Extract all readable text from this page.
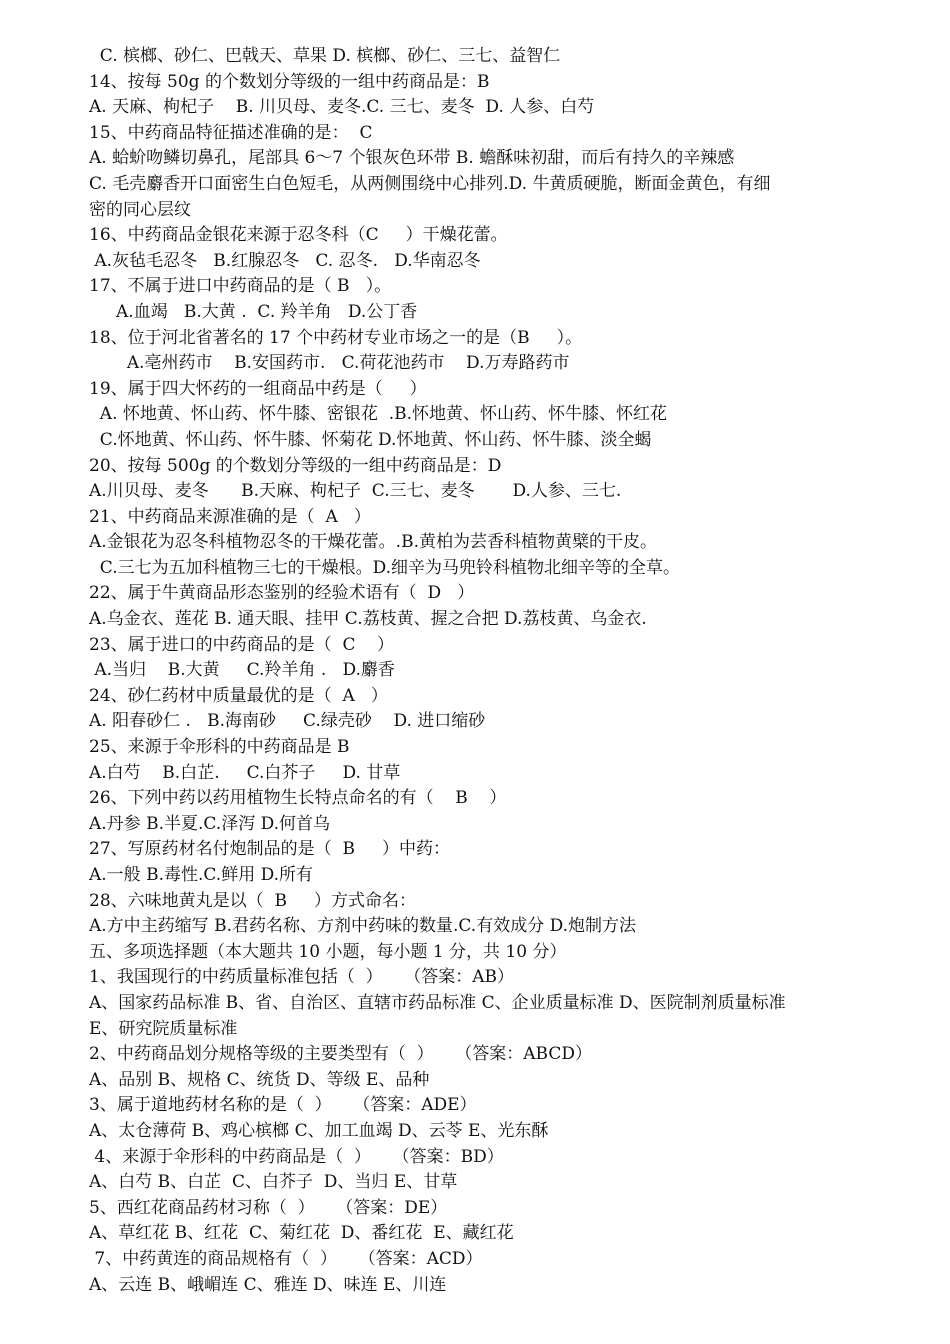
C. 槟榔、砂仁、巴戟天、草果 D. 槟榔、砂仁、三七、益智仁
14、按每 50g 的个数划分等级的一组中药商品是：B
A. 天麻、枸杞子    B. 川贝母、麦冬.C. 三七、麦冬  D. 人参、白芍
15、中药商品特征描述准确的是：  C
A. 蛤蚧吻鳞切鼻孔，尾部具 6～7 个银灰色环带 B. 蟾酥味初甜，而后有持久的辛辣感
C. 毛壳麝香开口面密生白色短毛，从两侧围绕中心排列.D. 牛黄质硬脆，断面金黄色，有细
密的同心层纹
16、中药商品金银花来源于忍冬科（C     ）干燥花蕾。
A.灰毡毛忍冬   B.红腺忍冬   C. 忍冬.   D.华南忍冬
17、不属于进口中药商品的是（ B   ）。
A.血竭   B.大黄 .  C. 羚羊角   D.公丁香
18、位于河北省著名的 17 个中药材专业市场之一的是（B     ）。
A.亳州药市    B.安国药市.   C.荷花池药市    D.万寿路药市
19、属于四大怀药的一组商品中药是（     ）
A. 怀地黄、怀山药、怀牛膝、密银花  .B.怀地黄、怀山药、怀牛膝、怀红花
C.怀地黄、怀山药、怀牛膝、怀菊花 D.怀地黄、怀山药、怀牛膝、淡全蝎
20、按每 500g 的个数划分等级的一组中药商品是：D
A.川贝母、麦冬      B.天麻、枸杞子  C.三七、麦冬       D.人参、三七.
21、中药商品来源准确的是（  A   ）
A.金银花为忍冬科植物忍冬的干燥花蕾。.B.黄柏为芸香科植物黄檗的干皮。
C.三七为五加科植物三七的干燥根。D.细辛为马兜铃科植物北细辛等的全草。
22、属于牛黄商品形态鉴别的经验术语有（  D   ）
A.乌金衣、莲花 B. 通天眼、挂甲 C.荔枝黄、握之合把 D.荔枝黄、乌金衣.
23、属于进口的中药商品的是（  C    ）
A.当归    B.大黄     C.羚羊角 .   D.麝香
24、砂仁药材中质量最优的是（  A   ）
A. 阳春砂仁 .   B.海南砂     C.绿壳砂    D. 进口缩砂
25、来源于伞形科的中药商品是 B
A.白芍    B.白芷.     C.白芥子     D. 甘草
26、下列中药以药用植物生长特点命名的有（    B    ）
A.丹参 B.半夏.C.泽泻 D.何首乌
27、写原药材名付炮制品的是（  B     ）中药：
A.一般 B.毒性.C.鲜用 D.所有
28、六味地黄丸是以（  B     ）方式命名：
A.方中主药缩写 B.君药名称、方剂中药味的数量.C.有效成分 D.炮制方法
五、多项选择题（本大题共 10 小题，每小题 1 分，共 10 分）
1、我国现行的中药质量标准包括（  ）    （答案：AB）
A、国家药品标准 B、省、自治区、直辖市药品标准 C、企业质量标准 D、医院制剂质量标准
E、研究院质量标准
2、中药商品划分规格等级的主要类型有（  ）    （答案：ABCD）
A、品别 B、规格 C、统货 D、等级 E、品种
3、属于道地药材名称的是（  ）    （答案：ADE）
A、太仓薄荷 B、鸡心槟榔 C、加工血竭 D、云苓 E、光东酥
4、来源于伞形科的中药商品是（  ）    （答案：BD）
A、白芍 B、白芷  C、白芥子  D、当归 E、甘草
5、西红花商品药材习称（  ）    （答案：DE）
A、草红花 B、红花  C、菊红花  D、番红花  E、藏红花
7、中药黄连的商品规格有（  ）    （答案：ACD）
A、云连 B、峨嵋连 C、雅连 D、味连 E、川连
